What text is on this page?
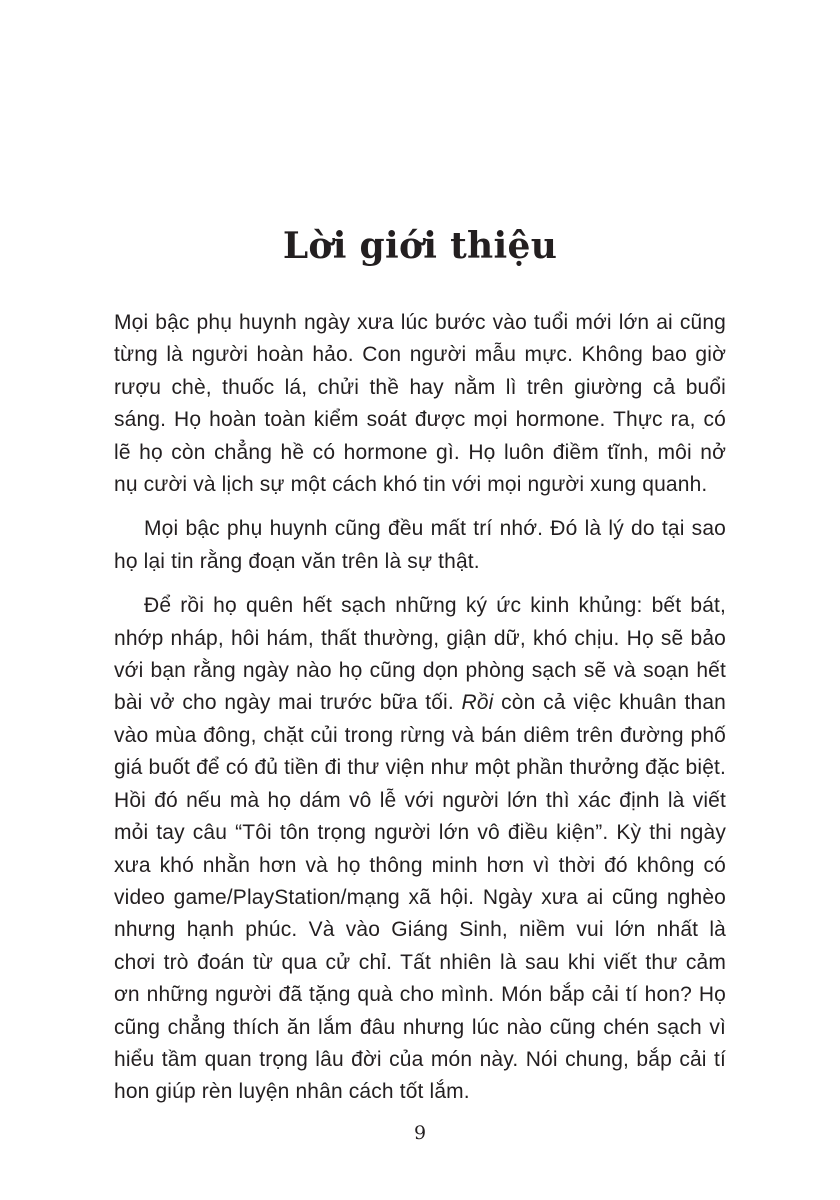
Lời giới thiệu

Mọi bậc phụ huynh ngày xưa lúc bước vào tuổi mới lớn ai cũng
từng là người hoàn hảo. Con người mẫu mực. Không bao giờ
rượu chè, thuốc lá, chửi thề hay nằm lì trên giường cả buổi
sáng. Họ hoàn toàn kiểm soát được mọi hormone. Thực ra, có
lẽ họ còn chẳng hề có hormone gì. Họ luôn điềm tĩnh, môi nở
nụ cười và lịch sự một cách khó tin với mọi người xung quanh.

Mọi bậc phụ huynh cũng đều mất trí nhớ. Đó là lý do tại sao
họ lại tin rằng đoạn văn trên là sự thật.

Để rồi họ quên hết sạch những ký ức kinh khủng: bết bát,
nhớp nháp, hôi hám, thất thường, giận dữ, khó chịu. Họ sẽ bảo
với bạn rằng ngày nào họ cũng dọn phòng sạch sẽ và soạn hết
bài vở cho ngày mai trước bữa tối. Rồi còn cả việc khuân than
vào mùa đông, chặt củi trong rừng và bán diêm trên đường phố
giá buốt để có đủ tiền đi thư viện như một phần thưởng đặc biệt.
Hồi đó nếu mà họ dám vô lễ với người lớn thì xác định là viết
mỏi tay câu “Tôi tôn trọng người lớn vô điều kiện”. Kỳ thi ngày
xưa khó nhằn hơn và họ thông minh hơn vì thời đó không có
video game/PlayStation/mạng xã hội. Ngày xưa ai cũng nghèo
nhưng hạnh phúc. Và vào Giáng Sinh, niềm vui lớn nhất là
chơi trò đoán từ qua cử chỉ. Tất nhiên là sau khi viết thư cảm
ơn những người đã tặng quà cho mình. Món bắp cải tí hon? Họ
cũng chẳng thích ăn lắm đâu nhưng lúc nào cũng chén sạch vì
hiểu tầm quan trọng lâu đời của món này. Nói chung, bắp cải tí
hon giúp rèn luyện nhân cách tốt lắm.

9
